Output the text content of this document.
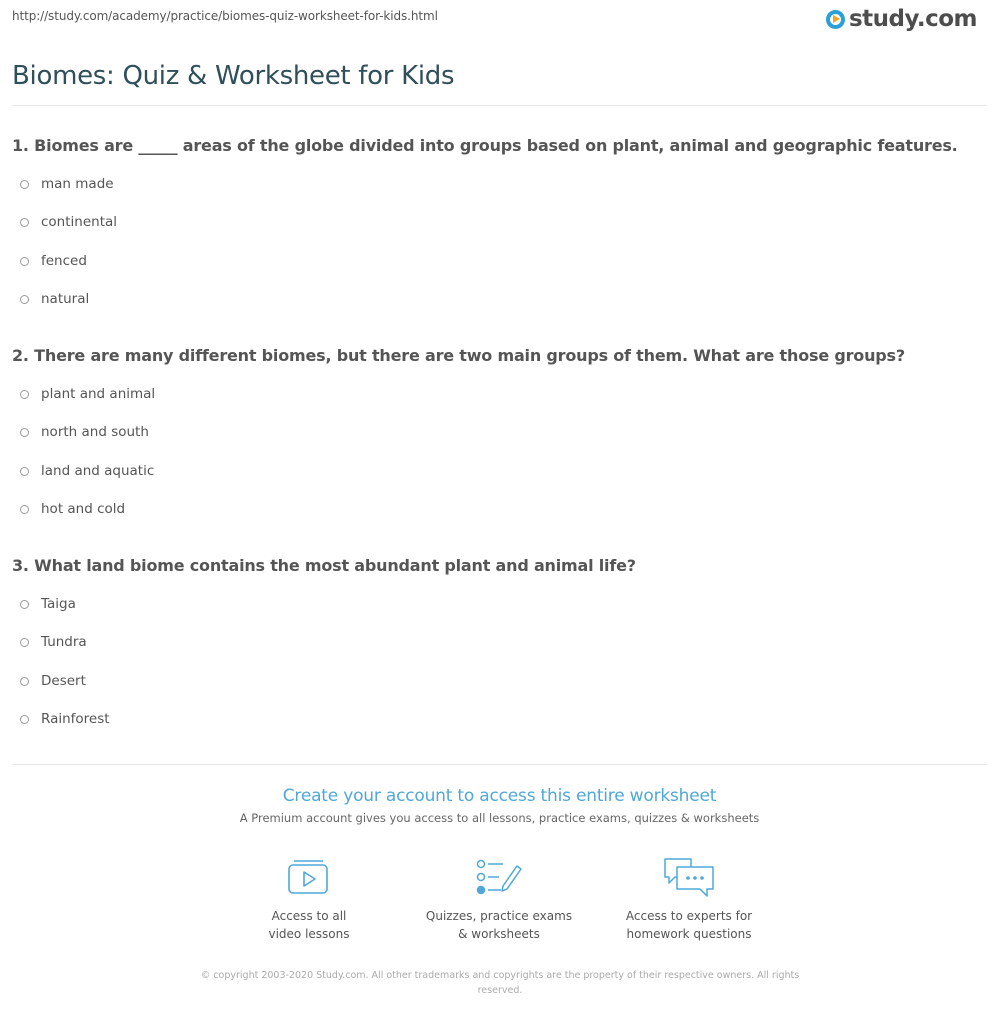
http://study.com/academy/practice/biomes-quiz-worksheet-for-kids.html	study.com
Biomes: Quiz & Worksheet for Kids
1. Biomes are _____ areas of the globe divided into groups based on plant, animal and geographic features.
man made
continental
fenced
natural
2. There are many different biomes, but there are two main groups of them. What are those groups?
plant and animal
north and south
land and aquatic
hot and cold
3. What land biome contains the most abundant plant and animal life?
Taiga
Tundra
Desert
Rainforest
Create your account to access this entire worksheet
A Premium account gives you access to all lessons, practice exams, quizzes & worksheets
Access to all
video lessons
Quizzes, practice exams
& worksheets
Access to experts for
homework questions
© copyright 2003-2020 Study.com. All other trademarks and copyrights are the property of their respective owners. All rights reserved.
